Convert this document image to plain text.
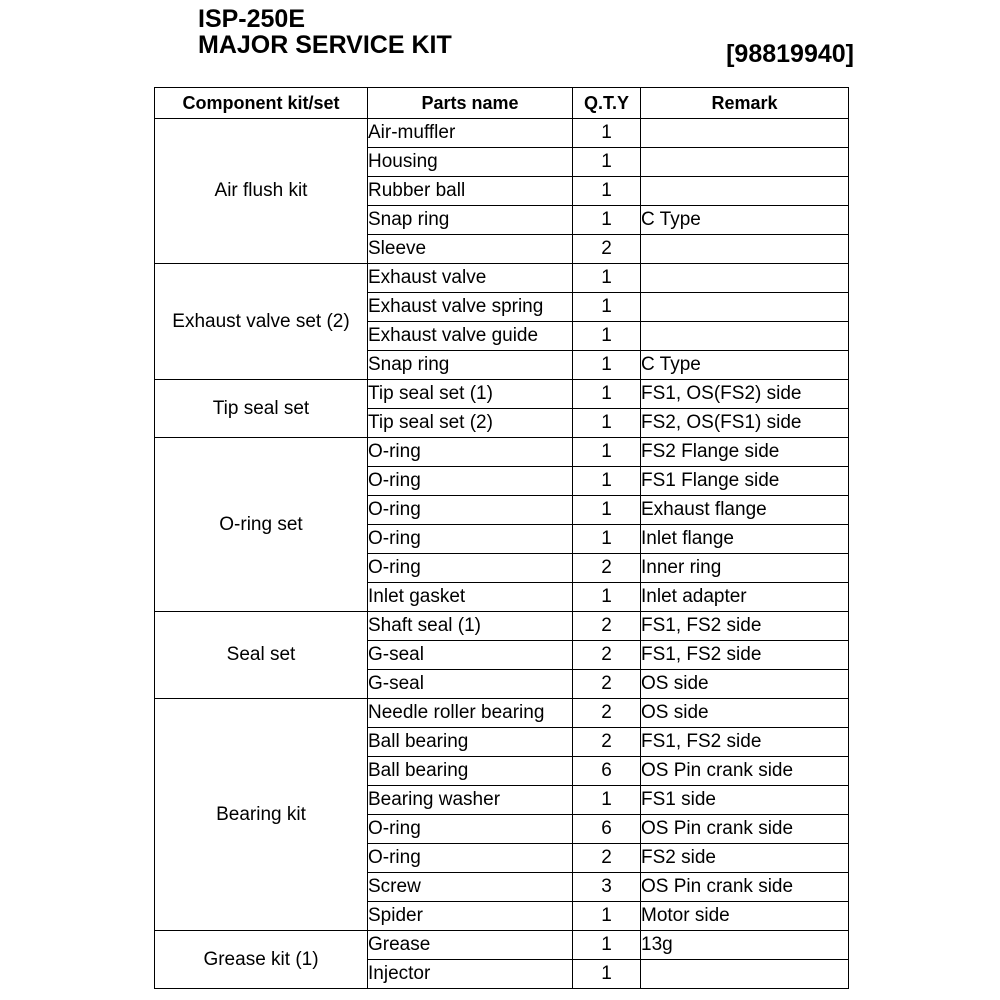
ISP-250E
MAJOR SERVICE KIT	[98819940]
Component kit/set	Parts name	Q.T.Y	Remark
Air flush kit	Air-muffler	1	
	Housing	1	
	Rubber ball	1	
	Snap ring	1	C Type
	Sleeve	2	
Exhaust valve set (2)	Exhaust valve	1	
	Exhaust valve spring	1	
	Exhaust valve guide	1	
	Snap ring	1	C Type
Tip seal set	Tip seal set (1)	1	FS1, OS(FS2) side
	Tip seal set (2)	1	FS2, OS(FS1) side
O-ring set	O-ring	1	FS2 Flange side
	O-ring	1	FS1 Flange side
	O-ring	1	Exhaust flange
	O-ring	1	Inlet flange
	O-ring	2	Inner ring
	Inlet gasket	1	Inlet adapter
Seal set	Shaft seal (1)	2	FS1, FS2 side
	G-seal	2	FS1, FS2 side
	G-seal	2	OS side
Bearing kit	Needle roller bearing	2	OS side
	Ball bearing	2	FS1, FS2 side
	Ball bearing	6	OS Pin crank side
	Bearing washer	1	FS1 side
	O-ring	6	OS Pin crank side
	O-ring	2	FS2 side
	Screw	3	OS Pin crank side
	Spider	1	Motor side
Grease kit (1)	Grease	1	13g
	Injector	1	
